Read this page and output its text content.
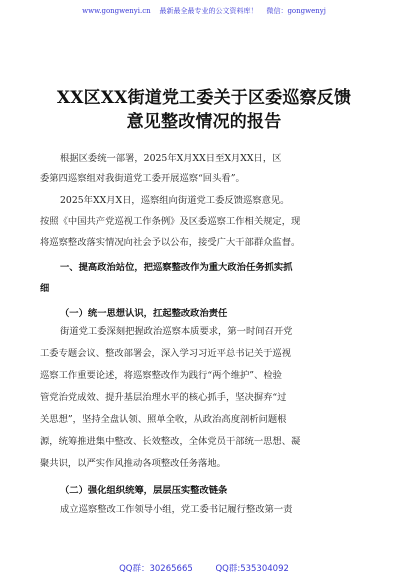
www.gongwenyi.cn 最新最全最专业的公文资料库！ 微信：gongwenyj
XX区XX街道党工委关于区委巡察反馈
意见整改情况的报告
根据区委统一部署，2025年X月XX日至X月XX日，区
委第四巡察组对我街道党工委开展巡察“回头看”。
2025年XX月X日，巡察组向街道党工委反馈巡察意见。
按照《中国共产党巡视工作条例》及区委巡察工作相关规定，现
将巡察整改落实情况向社会予以公布，接受广大干部群众监督。
一、提高政治站位，把巡察整改作为重大政治任务抓实抓
细
（一）统一思想认识，扛起整改政治责任
街道党工委深刻把握政治巡察本质要求，第一时间召开党
工委专题会议、整改部署会，深入学习习近平总书记关于巡视
巡察工作重要论述，将巡察整改作为践行“两个维护”、检验
管党治党成效、提升基层治理水平的核心抓手，坚决摒弃“过
关思想”，坚持全盘认领、照单全收，从政治高度剖析问题根
源，统筹推进集中整改、长效整改，全体党员干部统一思想、凝
聚共识，以严实作风推动各项整改任务落地。
（二）强化组织统筹，层层压实整改链条
成立巡察整改工作领导小组，党工委书记履行整改第一责
QQ群：30265665	QQ群:535304092
